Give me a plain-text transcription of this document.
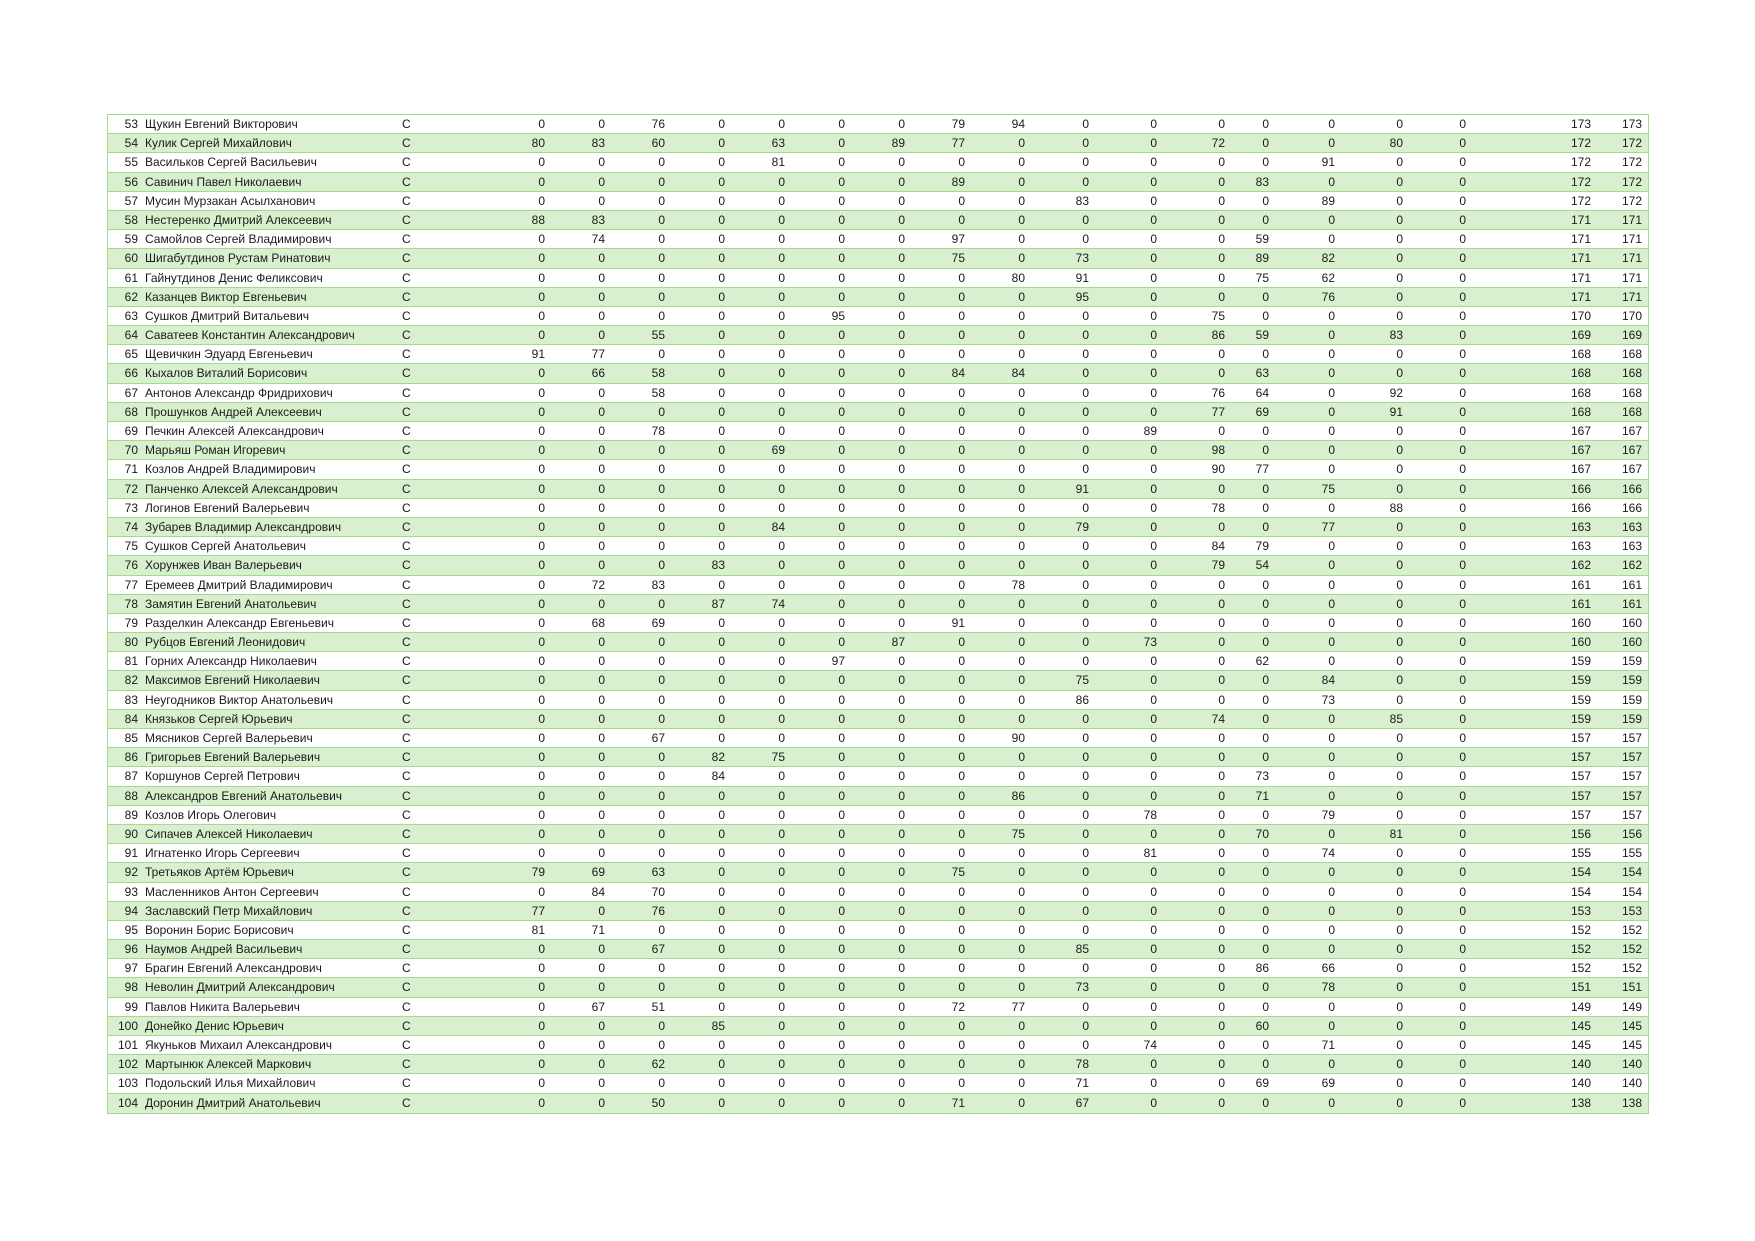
53 Щукин Евгений Викторович	С	0	0	76	0	0	0	0	79	94	0	0	0	0	0	0	0	173	173
54 Кулик Сергей Михайлович	С	80	83	60	0	63	0	89	77	0	0	0	72	0	0	80	0	172	172
55 Васильков Сергей Васильевич	С	0	0	0	0	81	0	0	0	0	0	0	0	0	91	0	0	172	172
56 Савинич Павел Николаевич	С	0	0	0	0	0	0	0	89	0	0	0	0	83	0	0	0	172	172
57 Мусин Мурзакан Асылханович	С	0	0	0	0	0	0	0	0	0	83	0	0	0	89	0	0	172	172
58 Нестеренко Дмитрий Алексеевич	С	88	83	0	0	0	0	0	0	0	0	0	0	0	0	0	0	171	171
59 Самойлов Сергей Владимирович	С	0	74	0	0	0	0	0	97	0	0	0	0	59	0	0	0	171	171
60 Шигабутдинов Рустам Ринатович	С	0	0	0	0	0	0	0	75	0	73	0	0	89	82	0	0	171	171
61 Гайнутдинов Денис Феликсович	С	0	0	0	0	0	0	0	0	80	91	0	0	75	62	0	0	171	171
62 Казанцев Виктор Евгеньевич	С	0	0	0	0	0	0	0	0	0	95	0	0	0	76	0	0	171	171
63 Сушков Дмитрий Витальевич	С	0	0	0	0	0	95	0	0	0	0	0	75	0	0	0	0	170	170
64 Саватеев Константин Александрович	С	0	0	55	0	0	0	0	0	0	0	0	86	59	0	83	0	169	169
65 Щевичкин Эдуард Евгеньевич	С	91	77	0	0	0	0	0	0	0	0	0	0	0	0	0	0	168	168
66 Кыхалов Виталий Борисович	С	0	66	58	0	0	0	0	84	84	0	0	0	63	0	0	0	168	168
67 Антонов Александр Фридрихович	С	0	0	58	0	0	0	0	0	0	0	0	76	64	0	92	0	168	168
68 Прошунков Андрей Алексеевич	С	0	0	0	0	0	0	0	0	0	0	0	77	69	0	91	0	168	168
69 Печкин Алексей Александрович	С	0	0	78	0	0	0	0	0	0	0	89	0	0	0	0	0	167	167
70 Марьяш Роман Игоревич	С	0	0	0	0	69	0	0	0	0	0	0	98	0	0	0	0	167	167
71 Козлов Андрей Владимирович	С	0	0	0	0	0	0	0	0	0	0	0	90	77	0	0	0	167	167
72 Панченко Алексей Александрович	С	0	0	0	0	0	0	0	0	0	91	0	0	0	75	0	0	166	166
73 Логинов Евгений Валерьевич	С	0	0	0	0	0	0	0	0	0	0	0	78	0	0	88	0	166	166
74 Зубарев Владимир Александрович	С	0	0	0	0	84	0	0	0	0	79	0	0	0	77	0	0	163	163
75 Сушков Сергей Анатольевич	С	0	0	0	0	0	0	0	0	0	0	0	84	79	0	0	0	163	163
76 Хорунжев Иван Валерьевич	С	0	0	0	83	0	0	0	0	0	0	0	79	54	0	0	0	162	162
77 Еремеев Дмитрий Владимирович	С	0	72	83	0	0	0	0	0	78	0	0	0	0	0	0	0	161	161
78 Замятин Евгений Анатольевич	С	0	0	0	87	74	0	0	0	0	0	0	0	0	0	0	0	161	161
79 Разделкин Александр Евгеньевич	С	0	68	69	0	0	0	0	91	0	0	0	0	0	0	0	0	160	160
80 Рубцов Евгений Леонидович	С	0	0	0	0	0	0	87	0	0	0	73	0	0	0	0	0	160	160
81 Горних Александр Николаевич	С	0	0	0	0	0	97	0	0	0	0	0	0	62	0	0	0	159	159
82 Максимов Евгений Николаевич	С	0	0	0	0	0	0	0	0	0	75	0	0	0	84	0	0	159	159
83 Неугодников Виктор Анатольевич	С	0	0	0	0	0	0	0	0	0	86	0	0	0	73	0	0	159	159
84 Князьков Сергей Юрьевич	С	0	0	0	0	0	0	0	0	0	0	0	74	0	0	85	0	159	159
85 Мясников Сергей Валерьевич	С	0	0	67	0	0	0	0	0	90	0	0	0	0	0	0	0	157	157
86 Григорьев Евгений Валерьевич	С	0	0	0	82	75	0	0	0	0	0	0	0	0	0	0	0	157	157
87 Коршунов Сергей Петрович	С	0	0	0	84	0	0	0	0	0	0	0	0	73	0	0	0	157	157
88 Александров Евгений Анатольевич	С	0	0	0	0	0	0	0	0	86	0	0	0	71	0	0	0	157	157
89 Козлов Игорь Олегович	С	0	0	0	0	0	0	0	0	0	0	78	0	0	79	0	0	157	157
90 Сипачев Алексей Николаевич	С	0	0	0	0	0	0	0	0	75	0	0	0	70	0	81	0	156	156
91 Игнатенко Игорь Сергеевич	С	0	0	0	0	0	0	0	0	0	0	81	0	0	74	0	0	155	155
92 Третьяков Артём Юрьевич	С	79	69	63	0	0	0	0	75	0	0	0	0	0	0	0	0	154	154
93 Масленников Антон Сергеевич	С	0	84	70	0	0	0	0	0	0	0	0	0	0	0	0	0	154	154
94 Заславский Петр Михайлович	С	77	0	76	0	0	0	0	0	0	0	0	0	0	0	0	0	153	153
95 Воронин Борис Борисович	С	81	71	0	0	0	0	0	0	0	0	0	0	0	0	0	0	152	152
96 Наумов Андрей Васильевич	С	0	0	67	0	0	0	0	0	0	85	0	0	0	0	0	0	152	152
97 Брагин Евгений Александрович	С	0	0	0	0	0	0	0	0	0	0	0	0	86	66	0	0	152	152
98 Неволин Дмитрий Александрович	С	0	0	0	0	0	0	0	0	0	73	0	0	0	78	0	0	151	151
99 Павлов Никита Валерьевич	С	0	67	51	0	0	0	0	72	77	0	0	0	0	0	0	0	149	149
100 Донейко Денис Юрьевич	С	0	0	0	85	0	0	0	0	0	0	0	0	60	0	0	0	145	145
101 Якуньков Михаил Александрович	С	0	0	0	0	0	0	0	0	0	0	74	0	0	71	0	0	145	145
102 Мартынюк Алексей Маркович	С	0	0	62	0	0	0	0	0	0	78	0	0	0	0	0	0	140	140
103 Подольский Илья Михайлович	С	0	0	0	0	0	0	0	0	0	71	0	0	69	69	0	0	140	140
104 Доронин Дмитрий Анатольевич	С	0	0	50	0	0	0	0	71	0	67	0	0	0	0	0	0	138	138
